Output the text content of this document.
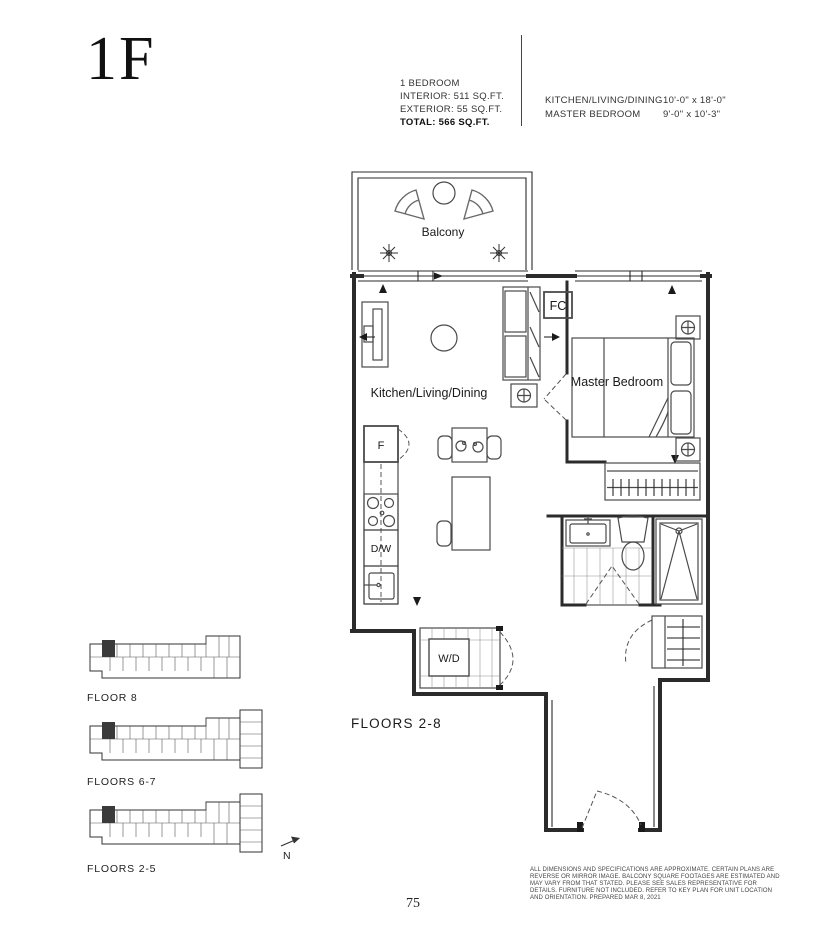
1F	1 BEDROOM
INTERIOR: 511 SQ.FT.
EXTERIOR: 55 SQ.FT.
TOTAL: 566 SQ.FT.
KITCHEN/LIVING/DINING 10'-0" x 18'-0"
MASTER BEDROOM	9'-0" x 10'-3"
Balcony
FC
Kitchen/Living/Dining
F
D/W
Master Bedroom
W/D
FLOORS 2-8
FLOOR 8
FLOORS 6-7
FLOORS 2-5
N
ALL DIMENSIONS AND SPECIFICATIONS ARE APPROXIMATE. CERTAIN PLANS ARE
REVERSE OR MIRROR IMAGE. BALCONY SQUARE FOOTAGES ARE ESTIMATED AND
MAY VARY FROM THAT STATED. PLEASE SEE SALES REPRESENTATIVE FOR
DETAILS. FURNITURE NOT INCLUDED. REFER TO KEY PLAN FOR UNIT LOCATION
AND ORIENTATION. PREPARED MAR 8, 2021
75
